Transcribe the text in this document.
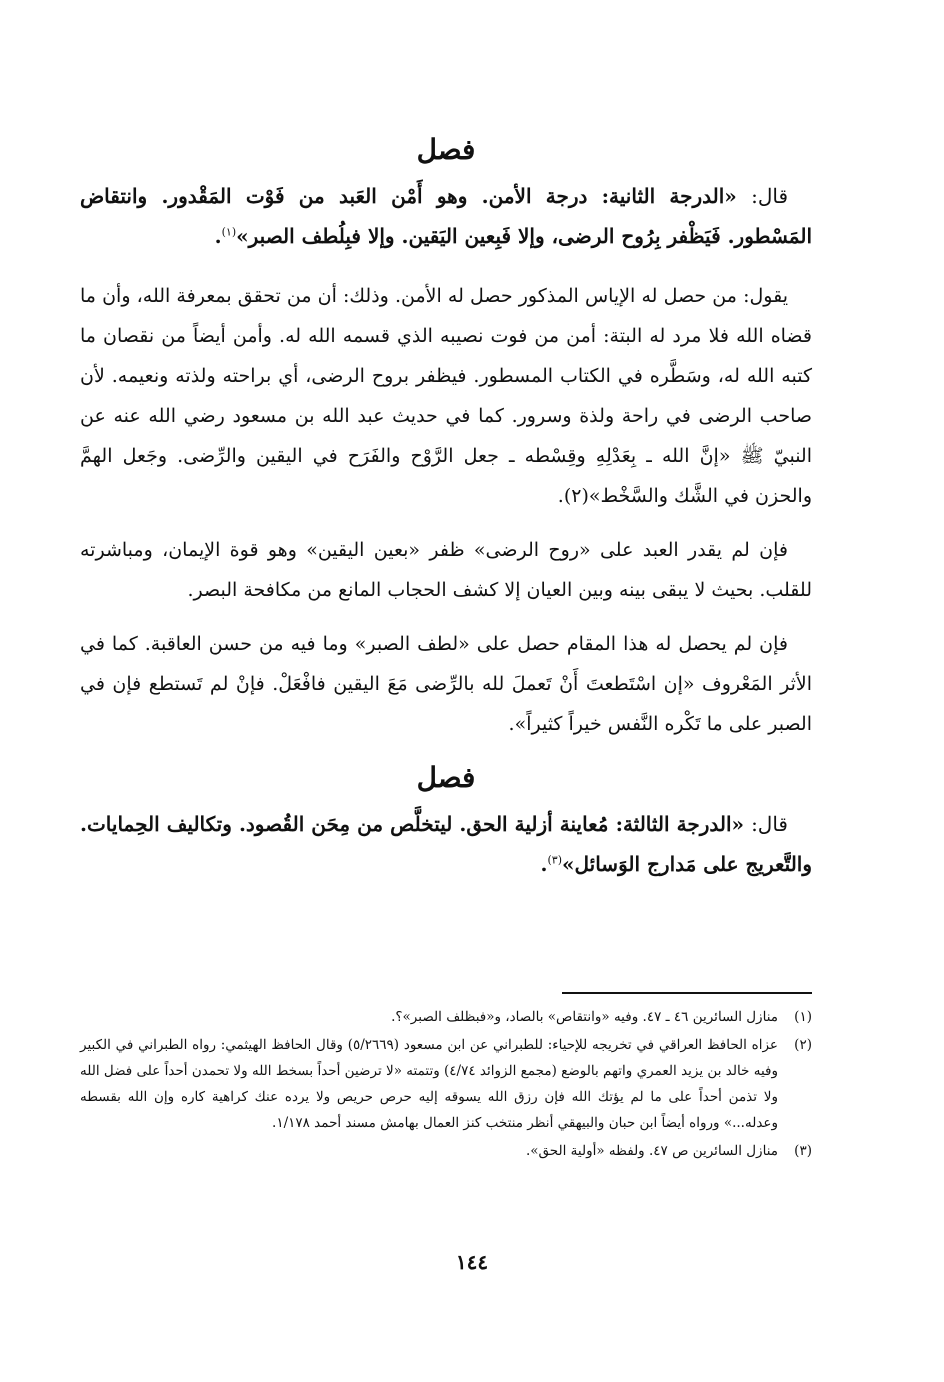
فصل

قال: «الدرجة الثانية: درجة الأمن. وهو أَمْن العَبد من فَوْت المَقْدور. وانتقاض المَسْطور. فَيَظْفر بِرُوح الرضى، وإلا فَبِعين اليَقين. وإلا فبِلُطف الصبر»$^{(١)}$.

يقول: من حصل له الإياس المذكور حصل له الأمن. وذلك: أن من تحقق بمعرفة الله، وأن ما قضاه الله فلا مرد له البتة: أمن من فوت نصيبه الذي قسمه الله له. وأمن أيضاً من نقصان ما كتبه الله له، وسَطَّره في الكتاب المسطور. فيظفر بروح الرضى، أي براحته ولذته ونعيمه. لأن صاحب الرضى في راحة ولذة وسرور. كما في حديث عبد الله بن مسعود رضي الله عنه عن النبيّ ﷺ «إنَّ الله ـ بِعَدْلِهِ وقِسْطه ـ جعل الرَّوْح والفَرَح في اليقين والرِّضى. وجَعل الهمَّ والحزن في الشَّك والسَّخْط»(٢).

فإن لم يقدر العبد على «روح الرضى» ظفر «بعين اليقين» وهو قوة الإيمان، ومباشرته للقلب. بحيث لا يبقى بينه وبين العيان إلا كشف الحجاب المانع من مكافحة البصر.

فإن لم يحصل له هذا المقام حصل على «لطف الصبر» وما فيه من حسن العاقبة. كما في الأثر المَعْروف «إن اسْتَطعتَ أَنْ تَعملَ لله بالرِّضى مَعَ اليقين فافْعَلْ. فإنْ لم تَستطع فإن في الصبر على ما تَكْره النَّفس خيراً كثيراً».

فصل

قال: «الدرجة الثالثة: مُعاينة أزلية الحق. ليتخلَّص من مِحَن القُصود. وتكاليف الحِمايات. والتَّعريج على مَدارج الوَسائل»$^{(٣)}$.

(١)
منازل السائرين ٤٦ ـ ٤٧. وفيه «وانتقاص» بالصاد، و«فبظلف الصبر»؟.
(٢)
عزاه الحافظ العراقي في تخريجه للإحياء: للطبراني عن ابن مسعود (٥/٢٦٦٩) وقال الحافظ الهيثمي: رواه الطبراني في الكبير وفيه خالد بن يزيد العمري واتهم بالوضع (مجمع الزوائد ٤/٧٤) وتتمته «لا ترضين أحداً بسخط الله ولا تحمدن أحداً على فضل الله ولا تذمن أحداً على ما لم يؤتك الله فإن رزق الله يسوقه إليه حرص حريص ولا يرده عنك كراهية كاره وإن الله بقسطه وعدله...» ورواه أيضاً ابن حبان والبيهقي أنظر منتخب كنز العمال بهامش مسند أحمد ١/١٧٨.
(٣)
منازل السائرين ص ٤٧. ولفظه «أولية الحق».
١٤٤
